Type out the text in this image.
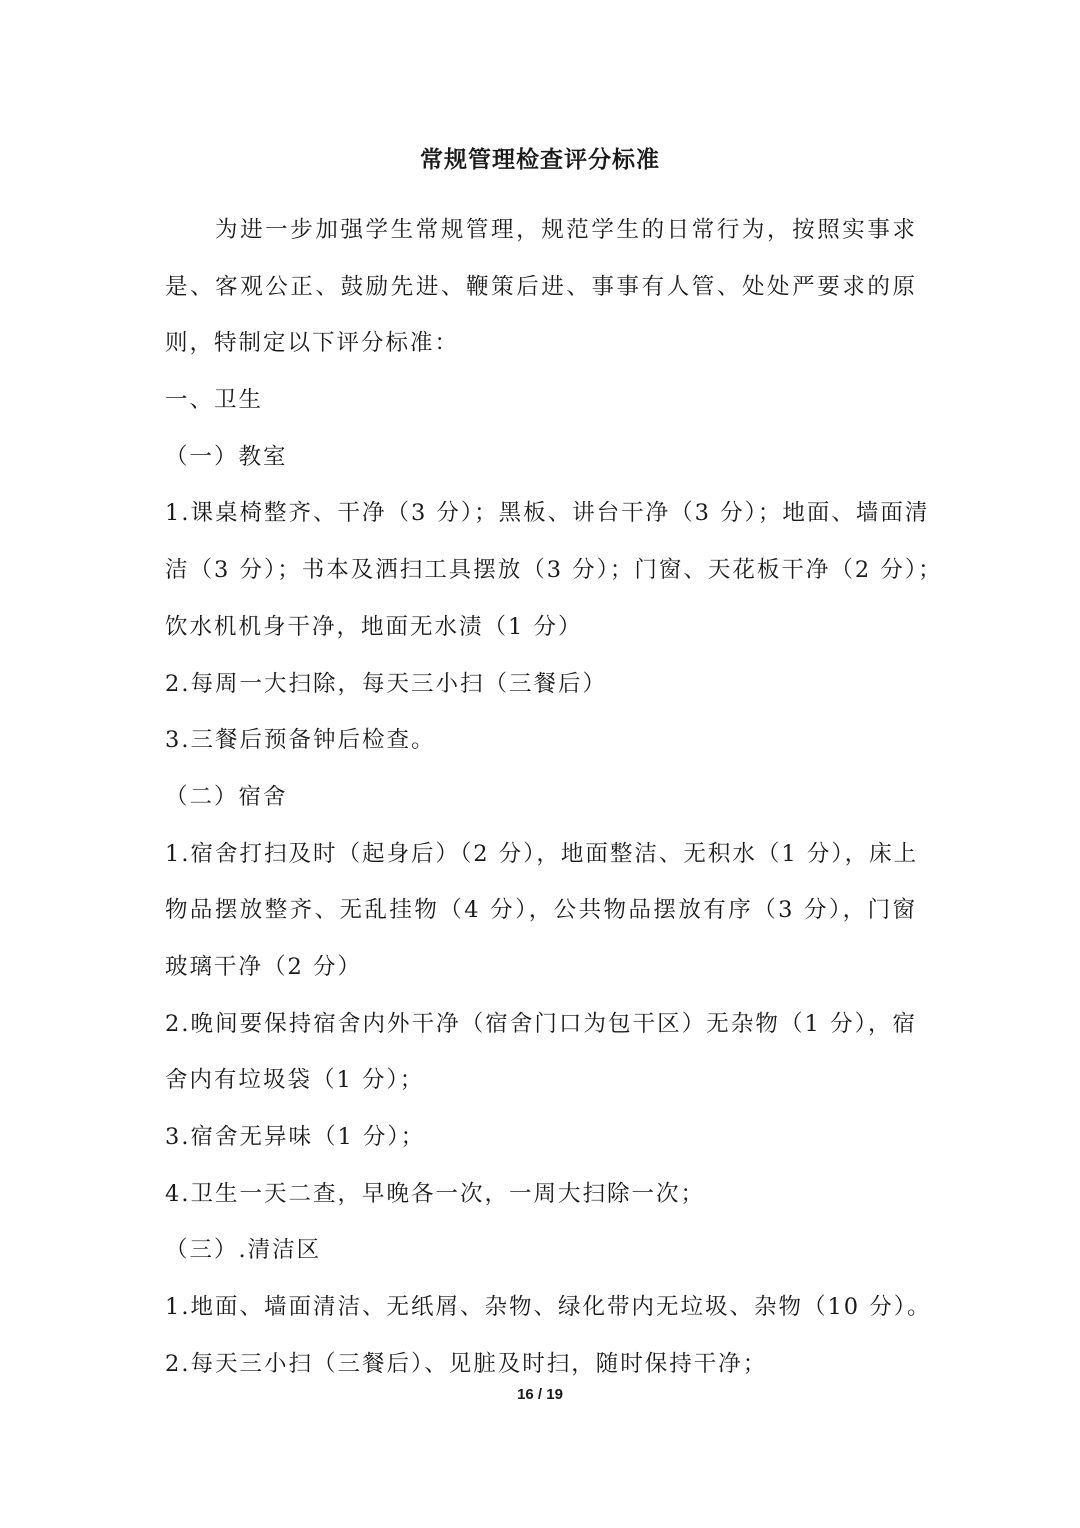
常规管理检查评分标准
为进一步加强学生常规管理，规范学生的日常行为，按照实事求
是、客观公正、鼓励先进、鞭策后进、事事有人管、处处严要求的原
则，特制定以下评分标准：
一、卫生
（一）教室
1.课桌椅整齐、干净（3 分）；黑板、讲台干净（3 分）；地面、墙面清
洁（3 分）；书本及洒扫工具摆放（3 分）；门窗、天花板干净（2 分）；
饮水机机身干净，地面无水渍（1 分）
2.每周一大扫除，每天三小扫（三餐后）
3.三餐后预备钟后检查。
（二）宿舍
1.宿舍打扫及时（起身后）（2 分），地面整洁、无积水（1 分），床上
物品摆放整齐、无乱挂物（4 分），公共物品摆放有序（3 分），门窗
玻璃干净（2 分）
2.晚间要保持宿舍内外干净（宿舍门口为包干区）无杂物（1 分），宿
舍内有垃圾袋（1 分）；
3.宿舍无异味（1 分）；
4.卫生一天二查，早晚各一次，一周大扫除一次；
（三）.清洁区
1.地面、墙面清洁、无纸屑、杂物、绿化带内无垃圾、杂物（10 分）。
2.每天三小扫（三餐后）、见脏及时扫，随时保持干净；
16 / 19
